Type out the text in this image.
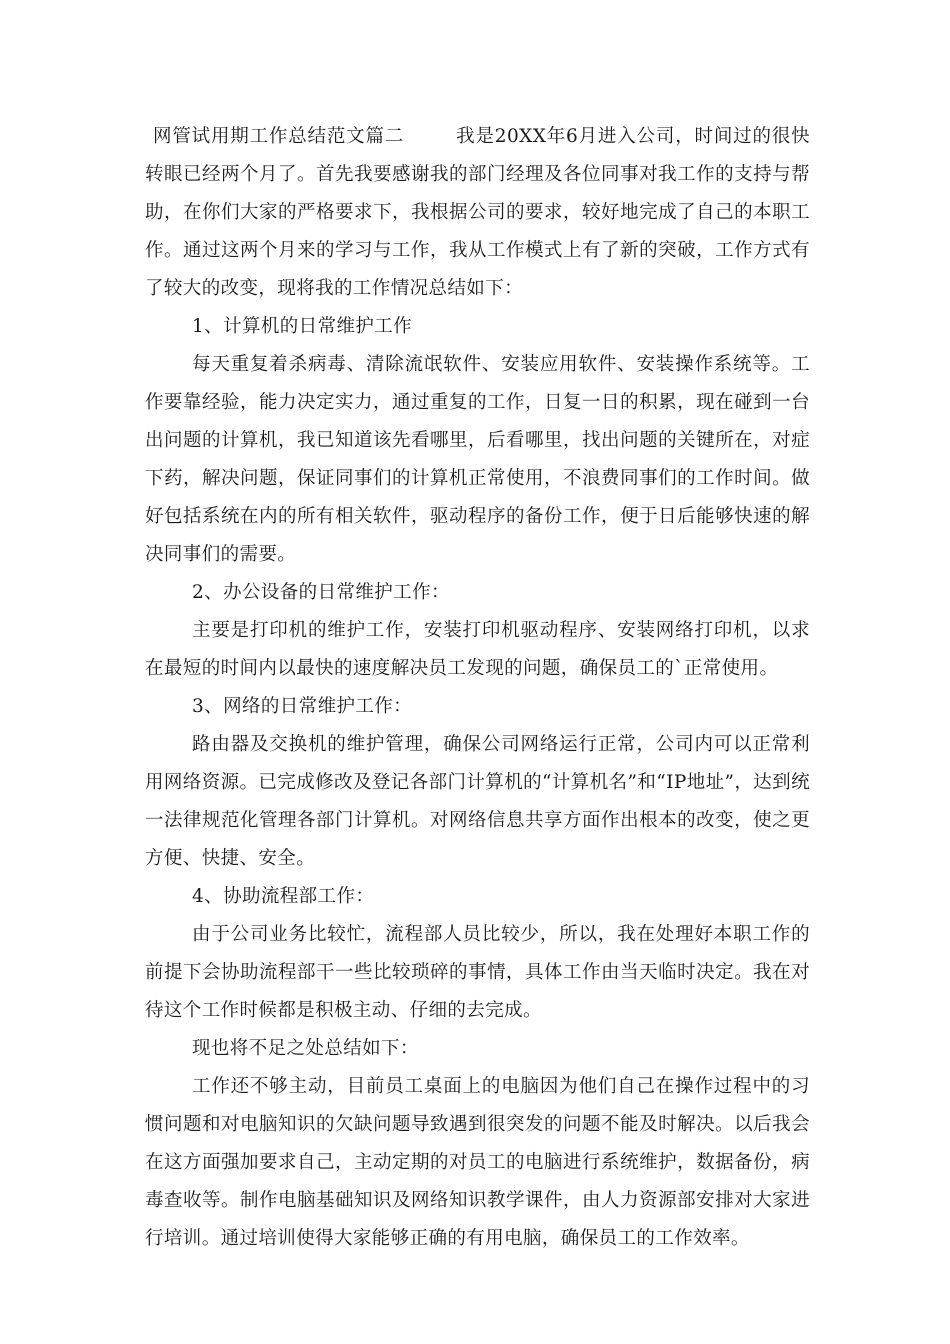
网管试用期工作总结范文篇二	我是20XX年6月进入公司，时间过的很快转眼已经两个月了。首先我要感谢我的部门经理及各位同事对我工作的支持与帮助，在你们大家的严格要求下，我根据公司的要求，较好地完成了自己的本职工作。通过这两个月来的学习与工作，我从工作模式上有了新的突破，工作方式有了较大的改变，现将我的工作情况总结如下：

1、计算机的日常维护工作

每天重复着杀病毒、清除流氓软件、安装应用软件、安装操作系统等。工作要靠经验，能力决定实力，通过重复的工作，日复一日的积累，现在碰到一台出问题的计算机，我已知道该先看哪里，后看哪里，找出问题的关键所在，对症下药，解决问题，保证同事们的计算机正常使用，不浪费同事们的工作时间。做好包括系统在内的所有相关软件，驱动程序的备份工作，便于日后能够快速的解决同事们的需要。

2、办公设备的日常维护工作：

主要是打印机的维护工作，安装打印机驱动程序、安装网络打印机，以求在最短的时间内以最快的速度解决员工发现的问题，确保员工的`正常使用。

3、网络的日常维护工作：

路由器及交换机的维护管理，确保公司网络运行正常，公司内可以正常利用网络资源。已完成修改及登记各部门计算机的“计算机名”和“IP地址”，达到统一法律规范化管理各部门计算机。对网络信息共享方面作出根本的改变，使之更方便、快捷、安全。

4、协助流程部工作：

由于公司业务比较忙，流程部人员比较少，所以，我在处理好本职工作的前提下会协助流程部干一些比较琐碎的事情，具体工作由当天临时决定。我在对待这个工作时候都是积极主动、仔细的去完成。

现也将不足之处总结如下：

工作还不够主动，目前员工桌面上的电脑因为他们自己在操作过程中的习惯问题和对电脑知识的欠缺问题导致遇到很突发的问题不能及时解决。以后我会在这方面强加要求自己，主动定期的对员工的电脑进行系统维护，数据备份，病毒查收等。制作电脑基础知识及网络知识教学课件，由人力资源部安排对大家进行培训。通过培训使得大家能够正确的有用电脑，确保员工的工作效率。
